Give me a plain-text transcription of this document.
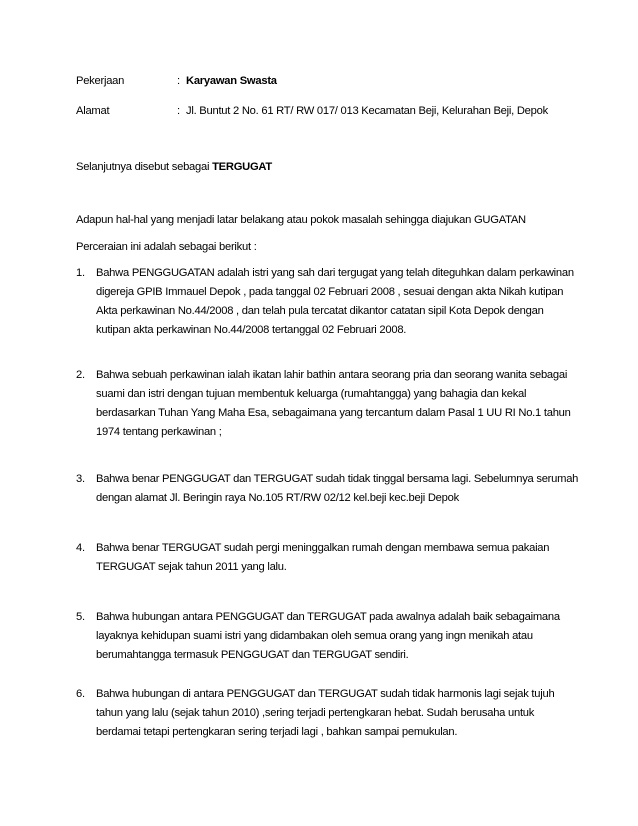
Pekerjaan	: Karyawan Swasta
Alamat	: Jl. Buntut 2 No. 61 RT/ RW 017/ 013 Kecamatan Beji, Kelurahan Beji, Depok
Selanjutnya disebut sebagai TERGUGAT
Adapun hal-hal yang menjadi latar belakang atau pokok masalah sehingga diajukan GUGATAN
Perceraian ini adalah sebagai berikut :
1. Bahwa PENGGUGATAN adalah istri yang sah dari tergugat yang telah diteguhkan dalam perkawinan
digereja GPIB Immauel Depok , pada tanggal 02 Februari 2008 , sesuai dengan akta Nikah kutipan
Akta perkawinan No.44/2008 , dan telah pula tercatat dikantor catatan sipil Kota Depok dengan
kutipan akta perkawinan No.44/2008 tertanggal 02 Februari 2008.
2. Bahwa sebuah perkawinan ialah ikatan lahir bathin antara seorang pria dan seorang wanita sebagai
suami dan istri dengan tujuan membentuk keluarga (rumahtangga) yang bahagia dan kekal
berdasarkan Tuhan Yang Maha Esa, sebagaimana yang tercantum dalam Pasal 1 UU RI No.1 tahun
1974 tentang perkawinan ;
3. Bahwa benar PENGGUGAT dan TERGUGAT sudah tidak tinggal bersama lagi. Sebelumnya serumah
dengan alamat Jl. Beringin raya No.105 RT/RW 02/12 kel.beji kec.beji Depok
4. Bahwa benar TERGUGAT sudah pergi meninggalkan rumah dengan membawa semua pakaian
TERGUGAT sejak tahun 2011 yang lalu.
5. Bahwa hubungan antara PENGGUGAT dan TERGUGAT pada awalnya adalah baik sebagaimana
layaknya kehidupan suami istri yang didambakan oleh semua orang yang ingn menikah atau
berumahtangga termasuk PENGGUGAT dan TERGUGAT sendiri.
6. Bahwa hubungan di antara PENGGUGAT dan TERGUGAT sudah tidak harmonis lagi sejak tujuh
tahun yang lalu (sejak tahun 2010) ,sering terjadi pertengkaran hebat. Sudah berusaha untuk
berdamai tetapi pertengkaran sering terjadi lagi , bahkan sampai pemukulan.
